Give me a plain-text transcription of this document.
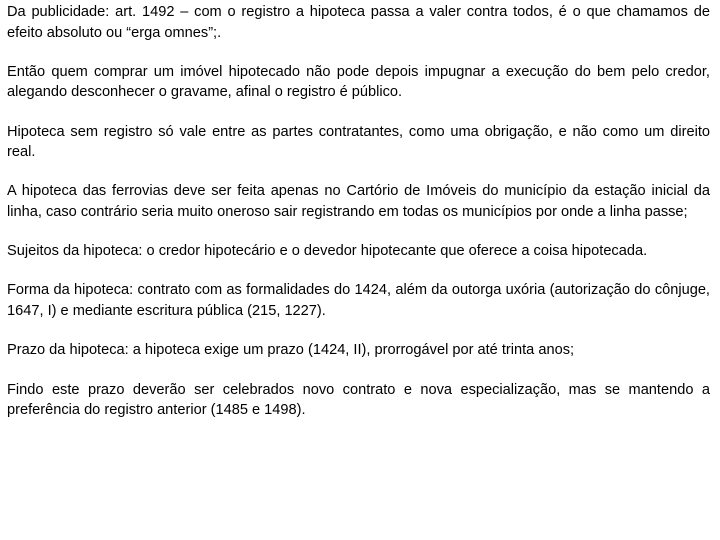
Da publicidade: art. 1492 – com o registro a hipoteca passa a valer contra todos, é o que chamamos de efeito absoluto ou “erga omnes”;.

Então quem comprar um imóvel hipotecado não pode depois impugnar a execução do bem pelo credor, alegando desconhecer o gravame, afinal o registro é público.

Hipoteca sem registro só vale entre as partes contratantes, como uma obrigação, e não como um direito real.

A hipoteca das ferrovias deve ser feita apenas no Cartório de Imóveis do município da estação inicial da linha, caso contrário seria muito oneroso sair registrando em todas os municípios por onde a linha passe;

Sujeitos da hipoteca: o credor hipotecário e o devedor hipotecante que oferece a coisa hipotecada.

Forma da hipoteca: contrato com as formalidades do 1424, além da outorga uxória (autorização do cônjuge, 1647, I) e mediante escritura pública (215, 1227).

Prazo da hipoteca: a hipoteca exige um prazo (1424, II), prorrogável por até trinta anos;

Findo este prazo deverão ser celebrados novo contrato e nova especialização, mas se mantendo a preferência do registro anterior (1485 e 1498).
